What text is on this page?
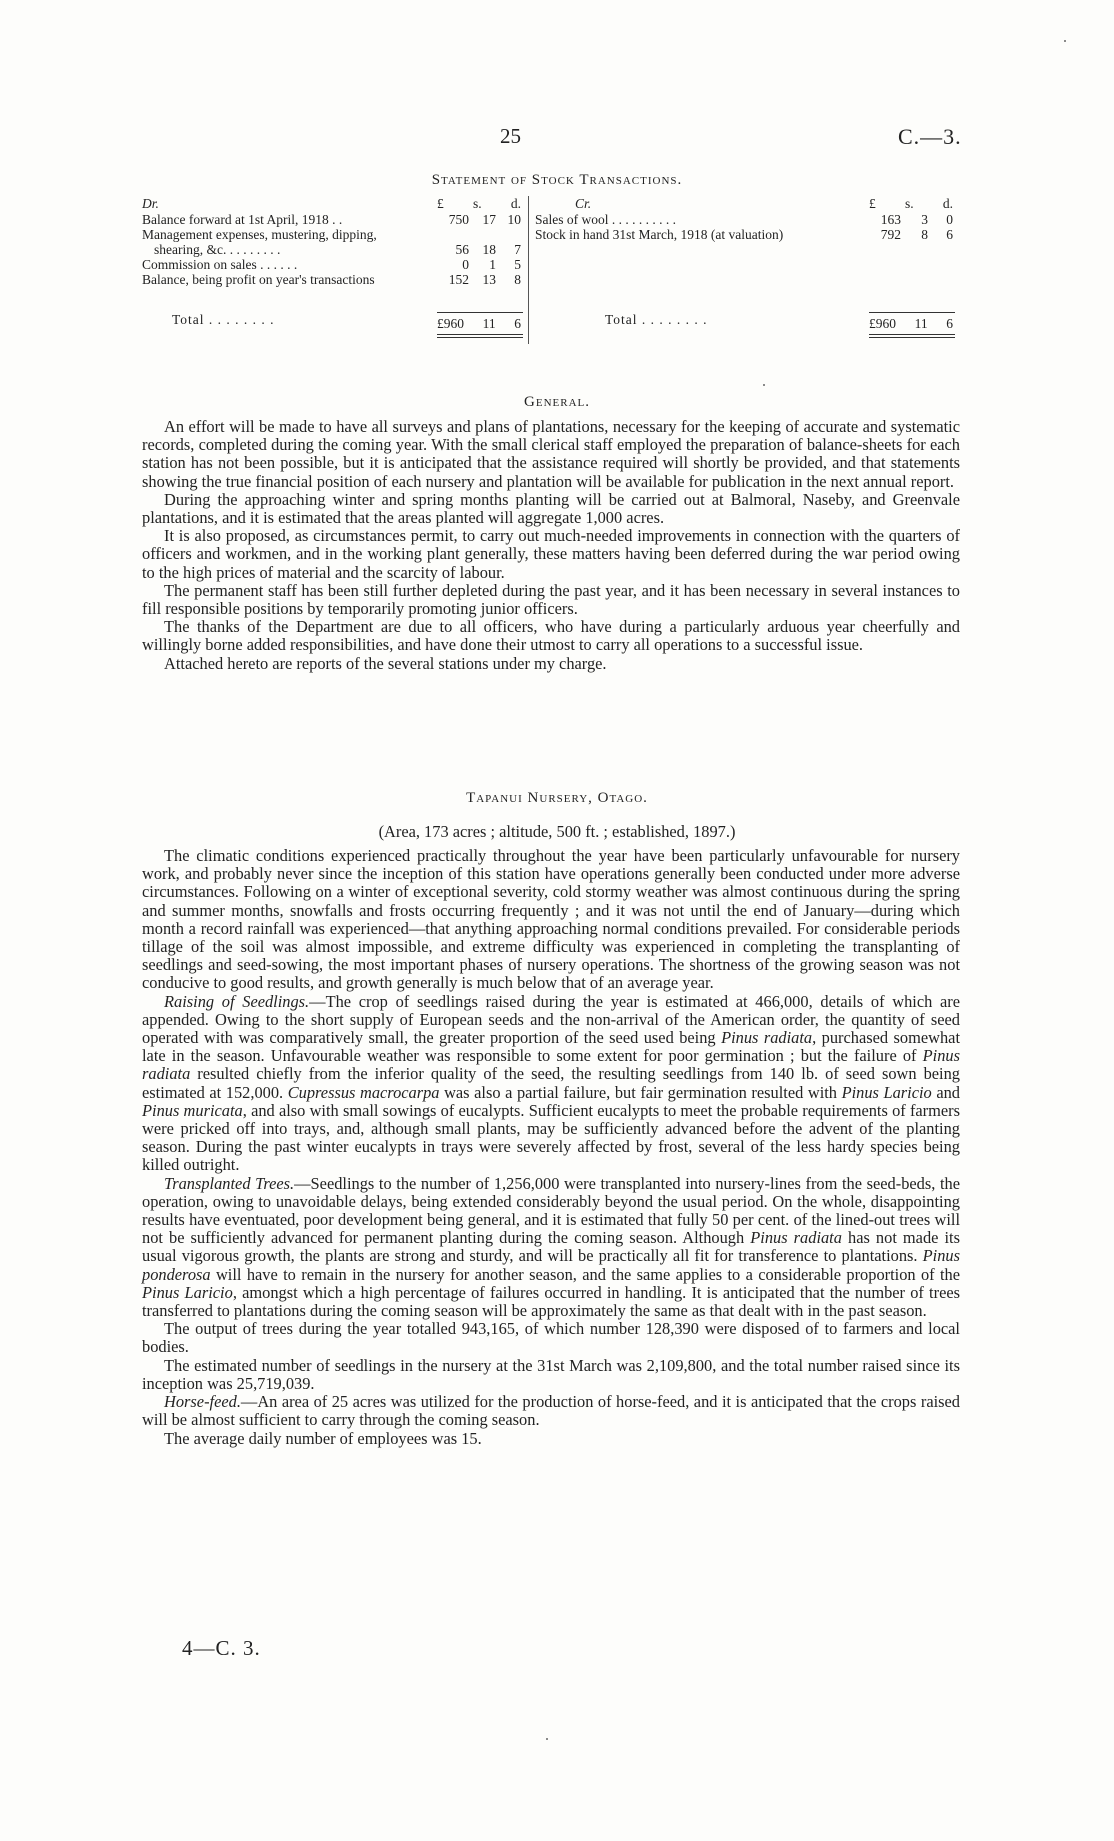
25	C.—3.
Statement of Stock Transactions.
Dr.	£ s. d.
Balance forward at 1st April, 1918 . .	750	17 10
Management expenses, mustering, dipping,
shearing, &c. . . . . . . . .	56	18	7
Commission on sales . . . . . .	0	1	5
Balance, being profit on year's transactions	152	13	8
Total . . . . . . . .	£960 11 6
Cr.	£ s. d.
Sales of wool . . . . . . . . . .	163	3	0
Stock in hand 31st March, 1918 (at valuation)	792	8	6
Total . . . . . . . .	£960 11 6
General.

An effort will be made to have all surveys and plans of plantations, necessary for the keeping of accurate and systematic records, completed during the coming year. With the small clerical staff employed the preparation of balance-sheets for each station has not been possible, but it is anticipated that the assistance required will shortly be provided, and that statements showing the true financial position of each nursery and plantation will be available for publication in the next annual report.

During the approaching winter and spring months planting will be carried out at Balmoral, Naseby, and Greenvale plantations, and it is estimated that the areas planted will aggregate 1,000 acres.

It is also proposed, as circumstances permit, to carry out much-needed improvements in connection with the quarters of officers and workmen, and in the working plant generally, these matters having been deferred during the war period owing to the high prices of material and the scarcity of labour.

The permanent staff has been still further depleted during the past year, and it has been necessary in several instances to fill responsible positions by temporarily promoting junior officers.

The thanks of the Department are due to all officers, who have during a particularly arduous year cheerfully and willingly borne added responsibilities, and have done their utmost to carry all operations to a successful issue.

Attached hereto are reports of the several stations under my charge.

Tapanui Nursery, Otago.
(Area, 173 acres ; altitude, 500 ft. ; established, 1897.)

The climatic conditions experienced practically throughout the year have been particularly unfavourable for nursery work, and probably never since the inception of this station have operations generally been conducted under more adverse circumstances. Following on a winter of exceptional severity, cold stormy weather was almost continuous during the spring and summer months, snowfalls and frosts occurring frequently ; and it was not until the end of January—during which month a record rainfall was experienced—that anything approaching normal conditions prevailed. For considerable periods tillage of the soil was almost impossible, and extreme difficulty was experienced in completing the transplanting of seedlings and seed-sowing, the most important phases of nursery operations. The shortness of the growing season was not conducive to good results, and growth generally is much below that of an average year.

Raising of Seedlings.—The crop of seedlings raised during the year is estimated at 466,000, details of which are appended. Owing to the short supply of European seeds and the non-arrival of the American order, the quantity of seed operated with was comparatively small, the greater proportion of the seed used being Pinus radiata, purchased somewhat late in the season. Unfavourable weather was responsible to some extent for poor germination ; but the failure of Pinus radiata resulted chiefly from the inferior quality of the seed, the resulting seedlings from 140 lb. of seed sown being estimated at 152,000. Cupressus macrocarpa was also a partial failure, but fair germination resulted with Pinus Laricio and Pinus muricata, and also with small sowings of eucalypts. Sufficient eucalypts to meet the probable requirements of farmers were pricked off into trays, and, although small plants, may be sufficiently advanced before the advent of the planting season. During the past winter eucalypts in trays were severely affected by frost, several of the less hardy species being killed outright.

Transplanted Trees.—Seedlings to the number of 1,256,000 were transplanted into nursery-lines from the seed-beds, the operation, owing to unavoidable delays, being extended considerably beyond the usual period. On the whole, disappointing results have eventuated, poor development being general, and it is estimated that fully 50 per cent. of the lined-out trees will not be sufficiently advanced for permanent planting during the coming season. Although Pinus radiata has not made its usual vigorous growth, the plants are strong and sturdy, and will be practically all fit for transference to plantations. Pinus ponderosa will have to remain in the nursery for another season, and the same applies to a considerable proportion of the Pinus Laricio, amongst which a high percentage of failures occurred in handling. It is anticipated that the number of trees transferred to plantations during the coming season will be approximately the same as that dealt with in the past season.

The output of trees during the year totalled 943,165, of which number 128,390 were disposed of to farmers and local bodies.

The estimated number of seedlings in the nursery at the 31st March was 2,109,800, and the total number raised since its inception was 25,719,039.

Horse-feed.—An area of 25 acres was utilized for the production of horse-feed, and it is anticipated that the crops raised will be almost sufficient to carry through the coming season.

The average daily number of employees was 15.

4—C. 3.
